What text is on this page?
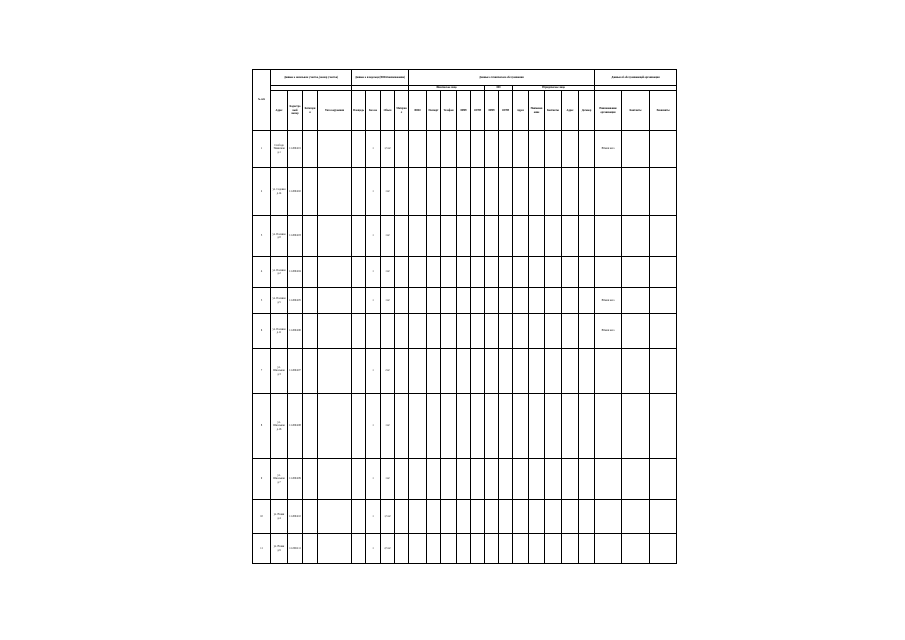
№ п/п	Данные о земельном участке, (номер участка)				Данные о владельце (ФИО/наименование)				Данные о техническом обслуживании												Данные об обслуживающей организации		
									Физическое лицо					ИП		Юридическое лицо							
	Адрес	Кадастровый номер	Категория	Тип сооружения	Площадь	Кол-во	Объем	Материал	ФИО	Паспорт	Телефон	ИНН	ОГРН	ИНН	ОГРН	Адрес	Наименование	Контакты	Адрес	Договор	Наименование организации	Контакты	Реквизиты
1	Слобода Ушинская д.1	11:2004:01				1	1,5 м³														Юмаш коза		
2	ул. Садовая д.14	11:2004:02				1	1 м³																
3	ул. Полевая д.8	11:2004:03				1	1 м³																
4	ул. Полевая д.2	11:2004:04				1	1 м³																
5	ул. Полевая д.5	11:2004:05				1	1 м³														Юмаш коза		
6	ул. Полевая д.11	11:2004:06																			Юмаш коза		
7	ул. Школьная д.3	11:2004:07				1	2 м³																
8	ул. Школьная д.16	11:2004:08				1	1 м³																
9	ул. Школьная д.7	11:2004:09				1	1 м³																
10	ул. Новая д.4	11:2004:10				1	1,5 м³																
11	ул. Новая д.9	11:2004:11				1	2,5 м³																
